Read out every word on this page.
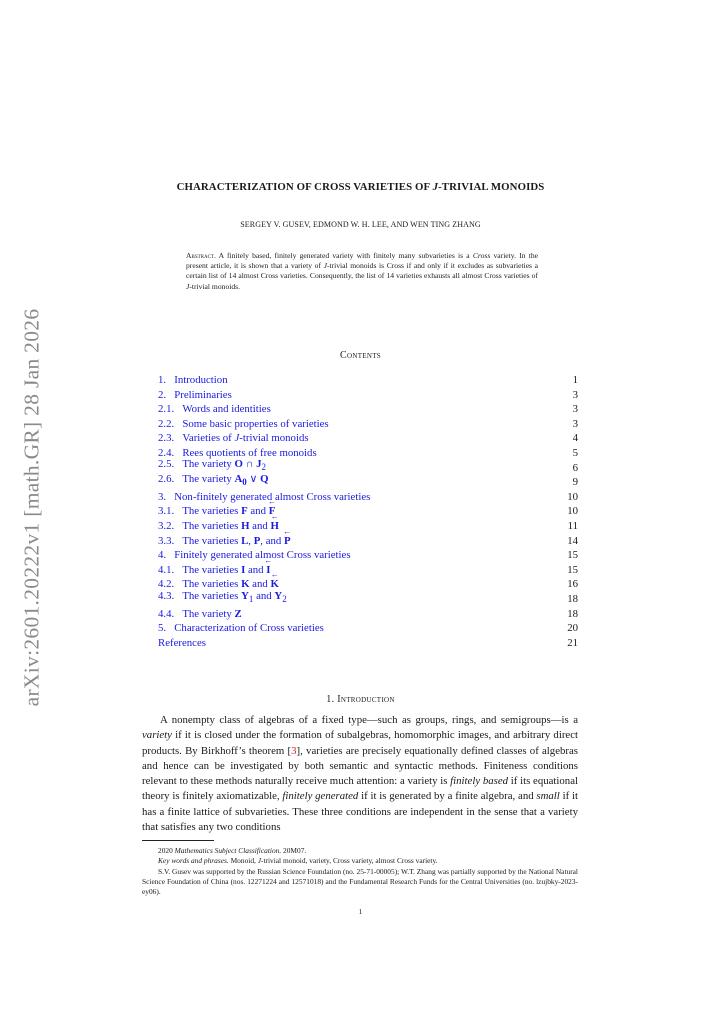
arXiv:2601.20222v1 [math.GR] 28 Jan 2026
CHARACTERIZATION OF CROSS VARIETIES OF J-TRIVIAL MONOIDS
SERGEY V. GUSEV, EDMOND W. H. LEE, AND WEN TING ZHANG

Abstract. A finitely based, finitely generated variety with finitely many subvarieties is a Cross variety. In the present article, it is shown that a variety of J-trivial monoids is Cross if and only if it excludes as subvarieties a certain list of 14 almost Cross varieties. Consequently, the list of 14 varieties exhausts all almost Cross varieties of J-trivial monoids.

Contents
1. Introduction	1
2. Preliminaries	3
2.1. Words and identities	3
2.2. Some basic properties of varieties	3
2.3. Varieties of J-trivial monoids	4
2.4. Rees quotients of free monoids	5
2.5. The variety O ∩ $J_2$	6
2.6. The variety $A_0$ ∨ Q	9
3. Non-finitely generated almost Cross varieties	10
3.1. The varieties F and ← F	10
3.2. The varieties H and ← H	11
3.3. The varieties L, P, and ← P	14
4. Finitely generated almost Cross varieties	15
4.1. The varieties I and ← I	15
4.2. The varieties K and ← K	16
4.3. The varieties $Y_1$ and $Y_2$	18
4.4. The variety Z	18
5. Characterization of Cross varieties	20
References	21
1. Introduction

A nonempty class of algebras of a fixed type—such as groups, rings, and semigroups—is a variety if it is closed under the formation of subalgebras, homomorphic images, and arbitrary direct products. By Birkhoff’s theorem [3], varieties are precisely equationally defined classes of algebras and hence can be investigated by both semantic and syntactic methods. Finiteness conditions relevant to these methods naturally receive much attention: a variety is finitely based if its equational theory is finitely axiomatizable, finitely generated if it is generated by a finite algebra, and small if it has a finite lattice of subvarieties. These three conditions are independent in the sense that a variety that satisfies any two conditions

2020 Mathematics Subject Classification. 20M07.

Key words and phrases. Monoid, J-trivial monoid, variety, Cross variety, almost Cross variety.

S.V. Gusev was supported by the Russian Science Foundation (no. 25-71-00005); W.T. Zhang was partially supported by the National Natural Science Foundation of China (nos. 12271224 and 12571018) and the Fundamental Research Funds for the Central Universities (no. lzujbky-2023-ey06).

1
